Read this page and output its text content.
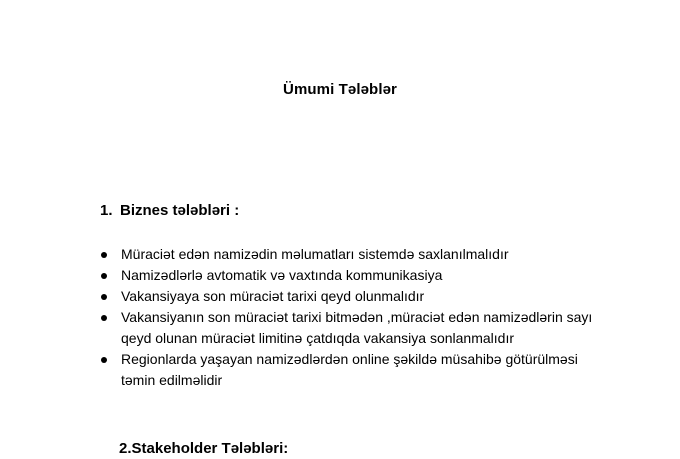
Ümumi Tələblər
1. Biznes tələbləri :
Müraciət edən namizədin məlumatları sistemdə saxlanılmalıdır
Namizədlərlə avtomatik və vaxtında kommunikasiya
Vakansiyaya son müraciət tarixi qeyd olunmalıdır
Vakansiyanın son müraciət tarixi bitmədən ,müraciət edən namizədlərin sayı qeyd olunan müraciət limitinə çatdıqda vakansiya sonlanmalıdır
Regionlarda yaşayan namizədlərdən online şəkildə müsahibə götürülməsi təmin edilməlidir
2.Stakeholder Tələbləri:
